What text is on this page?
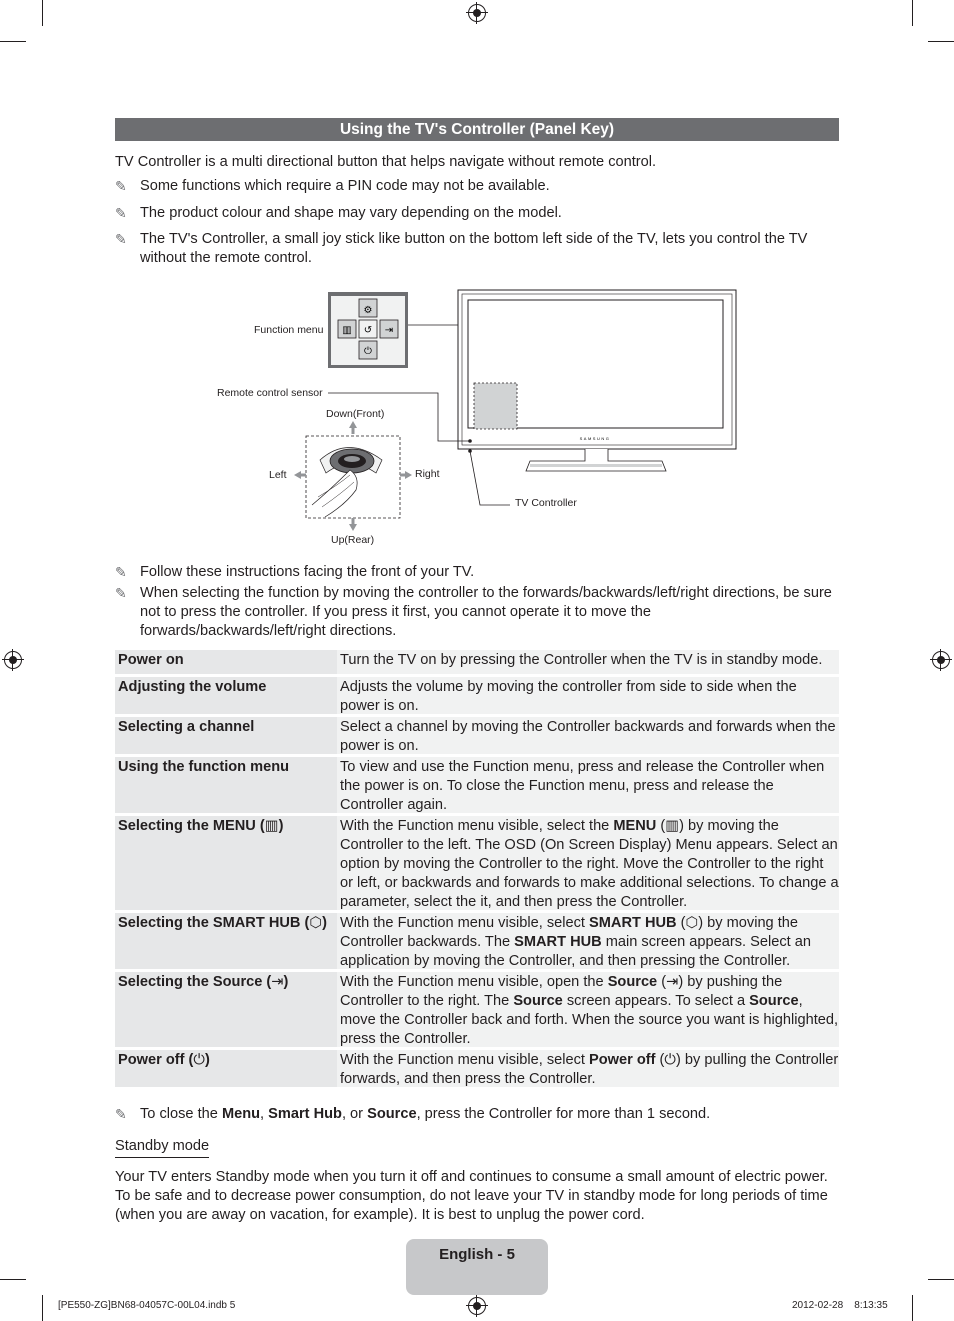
Using the TV's Controller (Panel Key)
TV Controller is a multi directional button that helps navigate without remote control.
✎ Some functions which require a PIN code may not be available.
✎ The product colour and shape may vary depending on the model.
✎ The TV's Controller, a small joy stick like button on the bottom left side of the TV, lets you control the TV without the remote control.
⚙
▥ ↺ ⇥
⏻
SAMSUNG
Function menu
Remote control sensor
Down(Front)
Left	Right
Up(Rear)
TV Controller
✎ Follow these instructions facing the front of your TV.
✎ When selecting the function by moving the controller to the forwards/backwards/left/right directions, be sure not to press the controller. If you press it first, you cannot operate it to move the forwards/backwards/left/right directions.
Power on	Turn the TV on by pressing the Controller when the TV is in standby mode.
Adjusting the volume	Adjusts the volume by moving the controller from side to side when the power is on.
Selecting a channel	Select a channel by moving the Controller backwards and forwards when the power is on.
Using the function menu	To view and use the Function menu, press and release the Controller when the power is on. To close the Function menu, press and release the Controller again.
Selecting the MENU (▥)	With the Function menu visible, select the MENU (▥) by moving the Controller to the left. The OSD (On Screen Display) Menu appears. Select an option by moving the Controller to the right. Move the Controller to the right or left, or backwards and forwards to make additional selections. To change a parameter, select the it, and then press the Controller.
Selecting the SMART HUB (⬡) With the Function menu visible, select SMART HUB (⬡) by moving the Controller backwards. The SMART HUB main screen appears. Select an application by moving the Controller, and then pressing the Controller.
Selecting the Source (⇥)	With the Function menu visible, open the Source (⇥) by pushing the Controller to the right. The Source screen appears. To select a Source, move the Controller back and forth. When the source you want is highlighted, press the Controller.
Power off (⏻)	With the Function menu visible, select Power off (⏻) by pulling the Controller forwards, and then press the Controller.
✎ To close the Menu, Smart Hub, or Source, press the Controller for more than 1 second.
Standby mode
Your TV enters Standby mode when you turn it off and continues to consume a small amount of electric power. To be safe and to decrease power consumption, do not leave your TV in standby mode for long periods of time (when you are away on vacation, for example). It is best to unplug the power cord.
English - 5
[PE550-ZG]BN68-04057C-00L04.indb 5	2012-02-28    8:13:35
